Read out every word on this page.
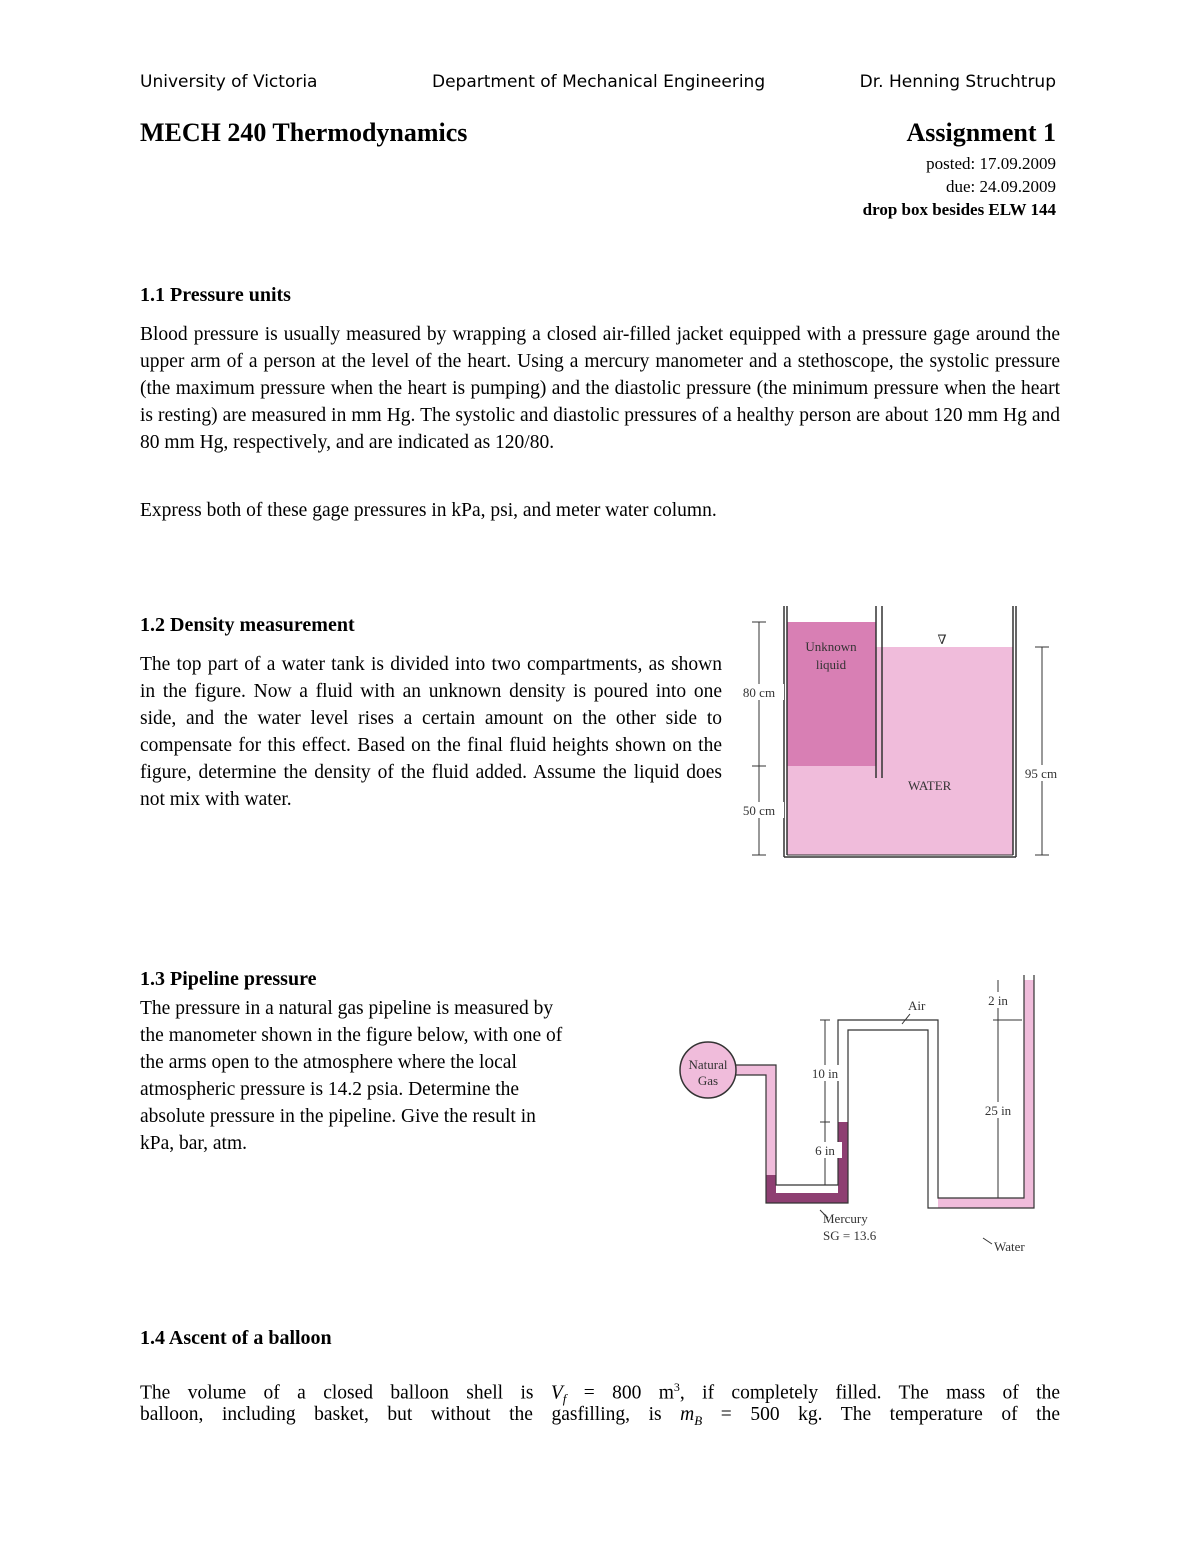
University of Victoria	Department of Mechanical Engineering	Dr. Henning Struchtrup
MECH 240 Thermodynamics	Assignment 1
posted: 17.09.2009
due: 24.09.2009
drop box besides ELW 144
1.1 Pressure units
Blood pressure is usually measured by wrapping a closed air-filled jacket equipped with a pressure gage around the upper arm of a person at the level of the heart. Using a mercury manometer and a stethoscope, the systolic pressure (the maximum pressure when the heart is pumping) and the diastolic pressure (the minimum pressure when the heart is resting) are measured in mm Hg. The systolic and diastolic pressures of a healthy person are about 120 mm Hg and 80 mm Hg, respectively, and are indicated as 120/80.
Express both of these gage pressures in kPa, psi, and meter water column.
1.2 Density measurement
The top part of a water tank is divided into two compartments, as shown in the figure. Now a fluid with an unknown density is poured into one side, and the water level rises a certain amount on the other side to compensate for this effect. Based on the final fluid heights shown on the figure, determine the density of the fluid added. Assume the liquid does not mix with water.
Unknown
liquid
WATER
∇
80 cm
50 cm
95 cm
1.3 Pipeline pressure
The pressure in a natural gas pipeline is measured by
the manometer shown in the figure below, with one of
the arms open to the atmosphere where the local
atmospheric pressure is 14.2 psia. Determine the
absolute pressure in the pipeline. Give the result in
kPa, bar, atm.
Natural
Gas
Air
10 in
6 in
2 in
25 in
Mercury
SG = 13.6
Water
1.4 Ascent of a balloon
The volume of a closed balloon shell is $V_f = 800$ $m^3$, if completely filled. The mass of the
balloon, including basket, but without the gasfilling, is $m_B = 500$ kg. The temperature of the
